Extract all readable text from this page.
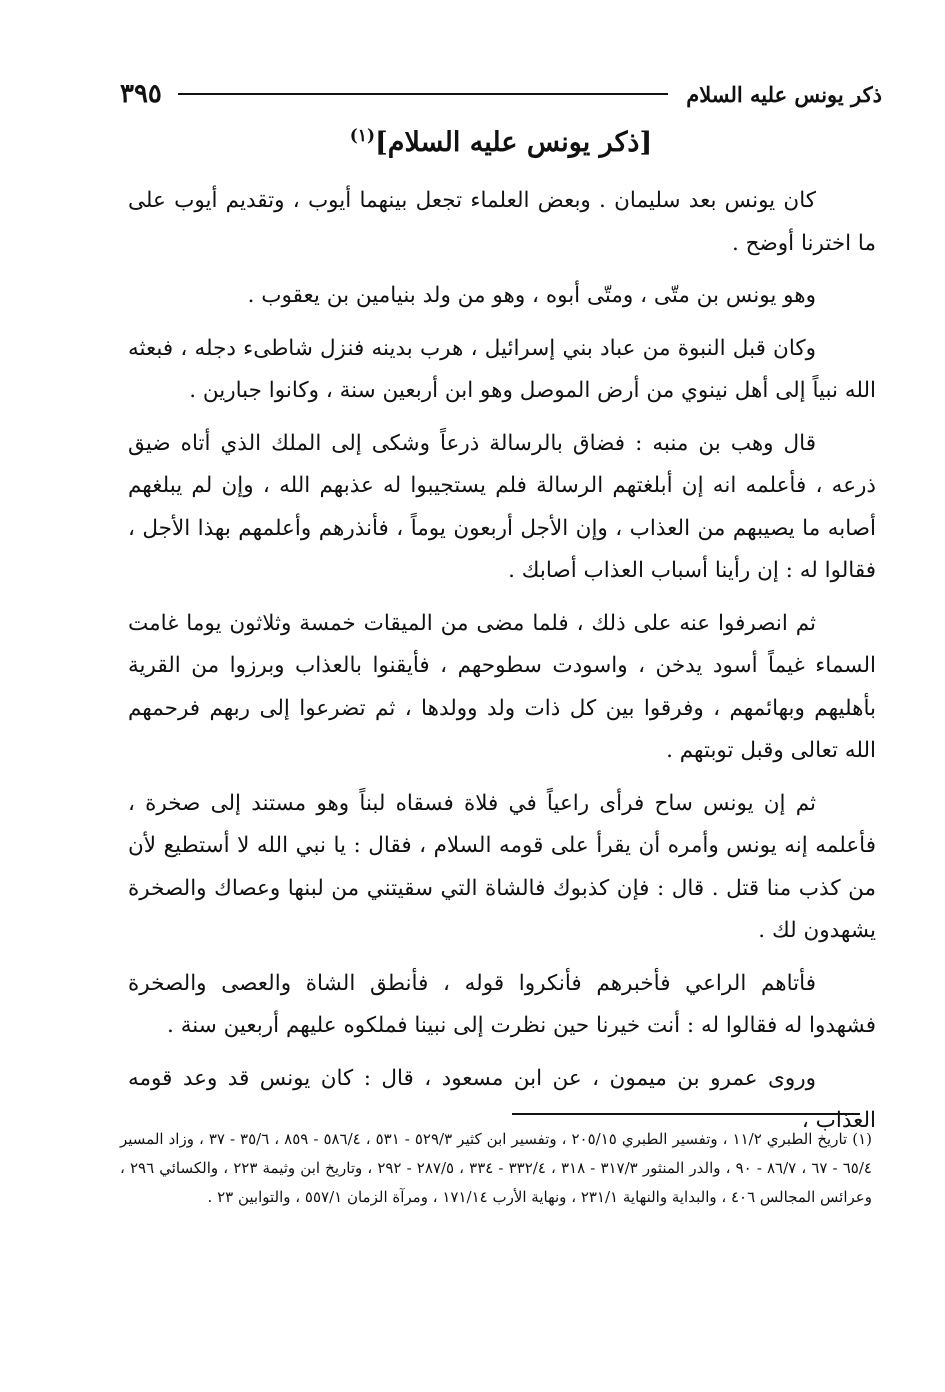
ذكر يونس عليه السلام
٣٩٥
[ذكر يونس عليه السلام]$^{(١)}$

كان يونس بعد سليمان . وبعض العلماء تجعل بينهما أيوب ، وتقديم أيوب على ما اخترنا أوضح .

وهو يونس بن متّى ، ومتّى أبوه ، وهو من ولد بنيامين بن يعقوب .

وكان قبل النبوة من عباد بني إسرائيل ، هرب بدينه فنزل شاطىء دجله ، فبعثه الله نبياً إلى أهل نينوي من أرض الموصل وهو ابن أربعين سنة ، وكانوا جبارين .

قال وهب بن منبه : فضاق بالرسالة ذرعاً وشكى إلى الملك الذي أتاه ضيق ذرعه ، فأعلمه انه إن أبلغتهم الرسالة فلم يستجيبوا له عذبهم الله ، وإن لم يبلغهم أصابه ما يصيبهم من العذاب ، وإن الأجل أربعون يوماً ، فأنذرهم وأعلمهم بهذا الأجل ، فقالوا له : إن رأينا أسباب العذاب أصابك .

ثم انصرفوا عنه على ذلك ، فلما مضى من الميقات خمسة وثلاثون يوما غامت السماء غيماً أسود يدخن ، واسودت سطوحهم ، فأيقنوا بالعذاب وبرزوا من القرية بأهليهم وبهائمهم ، وفرقوا بين كل ذات ولد وولدها ، ثم تضرعوا إلى ربهم فرحمهم الله تعالى وقبل توبتهم .

ثم إن يونس ساح فرأى راعياً في فلاة فسقاه لبناً وهو مستند إلى صخرة ، فأعلمه إنه يونس وأمره أن يقرأ على قومه السلام ، فقال : يا نبي الله لا أستطيع لأن من كذب منا قتل . قال : فإن كذبوك فالشاة التي سقيتني من لبنها وعصاك والصخرة يشهدون لك .

فأتاهم الراعي فأخبرهم فأنكروا قوله ، فأنطق الشاة والعصى والصخرة فشهدوا له فقالوا له : أنت خيرنا حين نظرت إلى نبينا فملكوه عليهم أربعين سنة .

وروى عمرو بن ميمون ، عن ابن مسعود ، قال : كان يونس قد وعد قومه العذاب ،

(١) تاريخ الطبري ١١/٢ ، وتفسير الطبري ٢٠٥/١٥ ، وتفسير ابن كثير ٥٢٩/٣ - ٥٣١ ، ٥٨٦/٤ - ٨٥٩ ، ٣٥/٦ - ٣٧ ، وزاد المسير ٦٥/٤ - ٦٧ ، ٨٦/٧ - ٩٠ ، والدر المنثور ٣١٧/٣ - ٣١٨ ، ٣٣٢/٤ - ٣٣٤ ، ٢٨٧/٥ - ٢٩٢ ، وتاريخ ابن وثيمة ٢٢٣ ، والكسائي ٢٩٦ ، وعرائس المجالس ٤٠٦ ، والبداية والنهاية ٢٣١/١ ، ونهاية الأرب ١٧١/١٤ ، ومرآة الزمان ٥٥٧/١ ، والتوابين ٢٣ .
